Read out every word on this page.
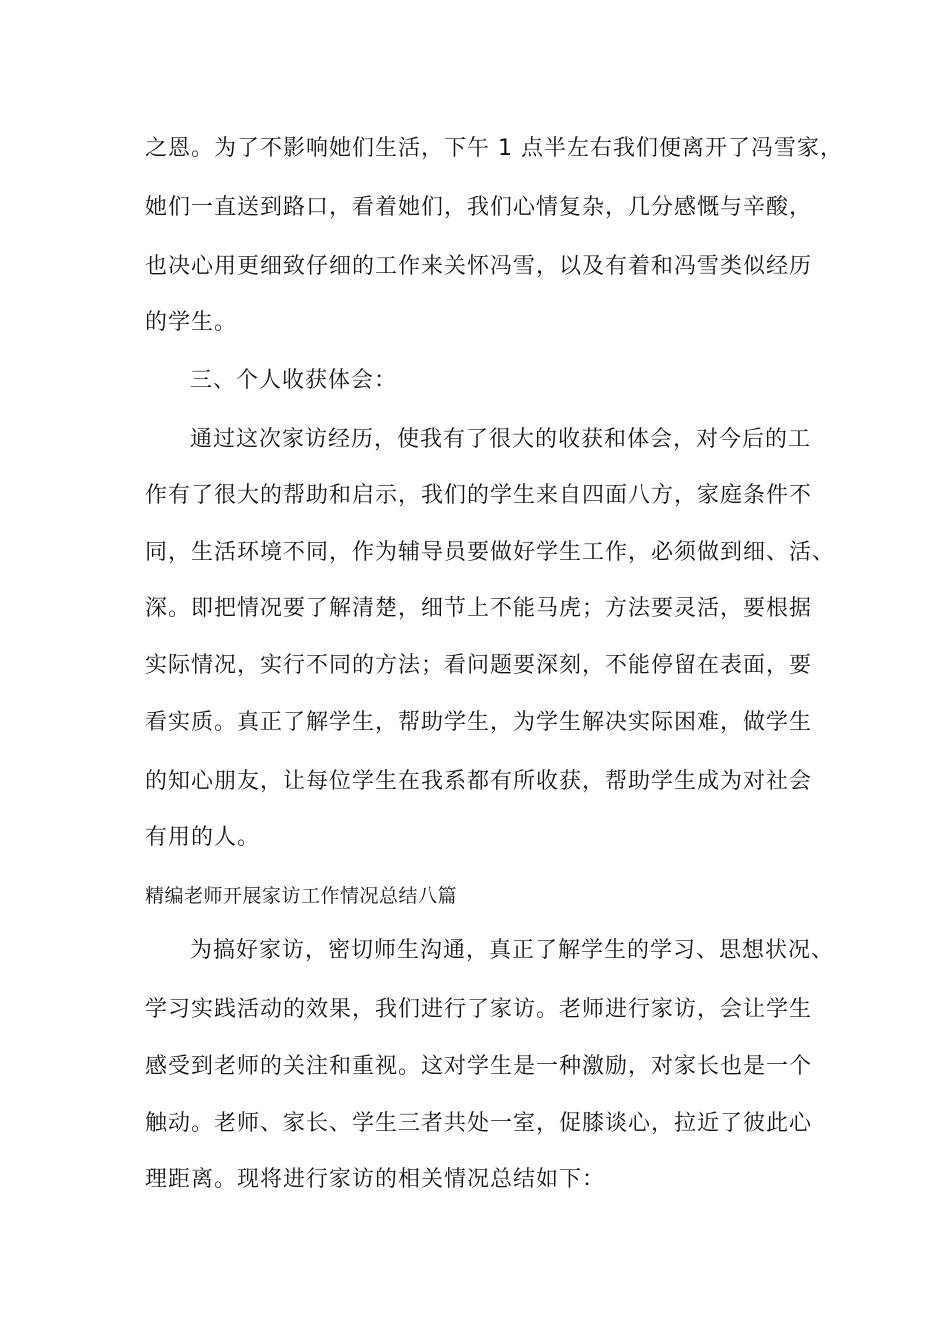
之恩。为了不影响她们生活，下午 1 点半左右我们便离开了冯雪家，
她们一直送到路口，看着她们，我们心情复杂，几分感慨与辛酸，
也决心用更细致仔细的工作来关怀冯雪，以及有着和冯雪类似经历
的学生。
三、个人收获体会：
通过这次家访经历，使我有了很大的收获和体会，对今后的工
作有了很大的帮助和启示，我们的学生来自四面八方，家庭条件不
同，生活环境不同，作为辅导员要做好学生工作，必须做到细、活、
深。即把情况要了解清楚，细节上不能马虎；方法要灵活，要根据
实际情况，实行不同的方法；看问题要深刻，不能停留在表面，要
看实质。真正了解学生，帮助学生，为学生解决实际困难，做学生
的知心朋友，让每位学生在我系都有所收获，帮助学生成为对社会
有用的人。
精编老师开展家访工作情况总结八篇
为搞好家访，密切师生沟通，真正了解学生的学习、思想状况、
学习实践活动的效果，我们进行了家访。老师进行家访，会让学生
感受到老师的关注和重视。这对学生是一种激励，对家长也是一个
触动。老师、家长、学生三者共处一室，促膝谈心，拉近了彼此心
理距离。现将进行家访的相关情况总结如下：
